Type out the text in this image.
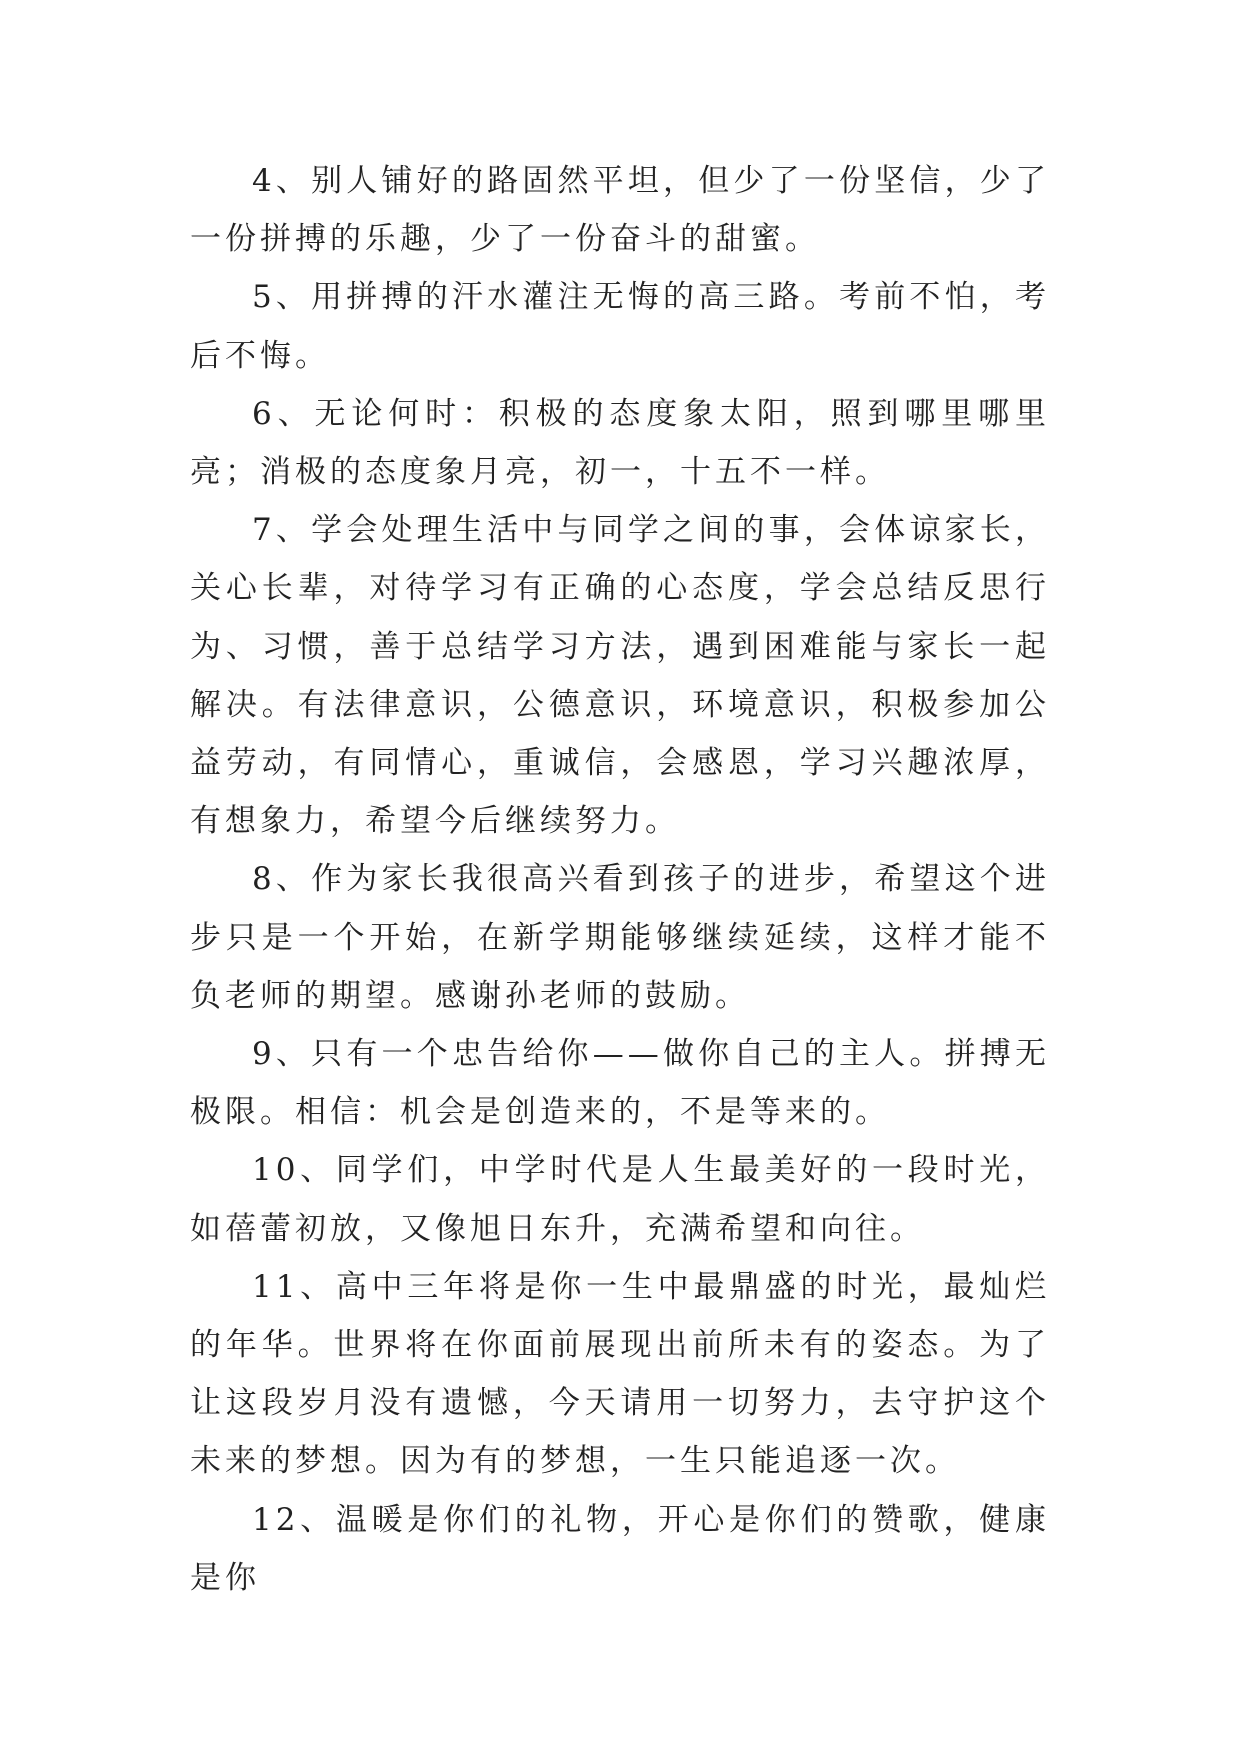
4、别人铺好的路固然平坦，但少了一份坚信，少了一份拼搏的乐趣，少了一份奋斗的甜蜜。

5、用拼搏的汗水灌注无悔的高三路。考前不怕，考后不悔。

6、无论何时：积极的态度象太阳，照到哪里哪里亮；消极的态度象月亮，初一，十五不一样。

7、学会处理生活中与同学之间的事，会体谅家长，关心长辈，对待学习有正确的心态度，学会总结反思行为、习惯，善于总结学习方法，遇到困难能与家长一起解决。有法律意识，公德意识，环境意识，积极参加公益劳动，有同情心，重诚信，会感恩，学习兴趣浓厚，有想象力，希望今后继续努力。

8、作为家长我很高兴看到孩子的进步，希望这个进步只是一个开始，在新学期能够继续延续，这样才能不负老师的期望。感谢孙老师的鼓励。

9、只有一个忠告给你——做你自己的主人。拼搏无极限。相信：机会是创造来的，不是等来的。

10、同学们，中学时代是人生最美好的一段时光，如蓓蕾初放，又像旭日东升，充满希望和向往。

11、高中三年将是你一生中最鼎盛的时光，最灿烂的年华。世界将在你面前展现出前所未有的姿态。为了让这段岁月没有遗憾，今天请用一切努力，去守护这个未来的梦想。因为有的梦想，一生只能追逐一次。

12、温暖是你们的礼物，开心是你们的赞歌，健康是你
